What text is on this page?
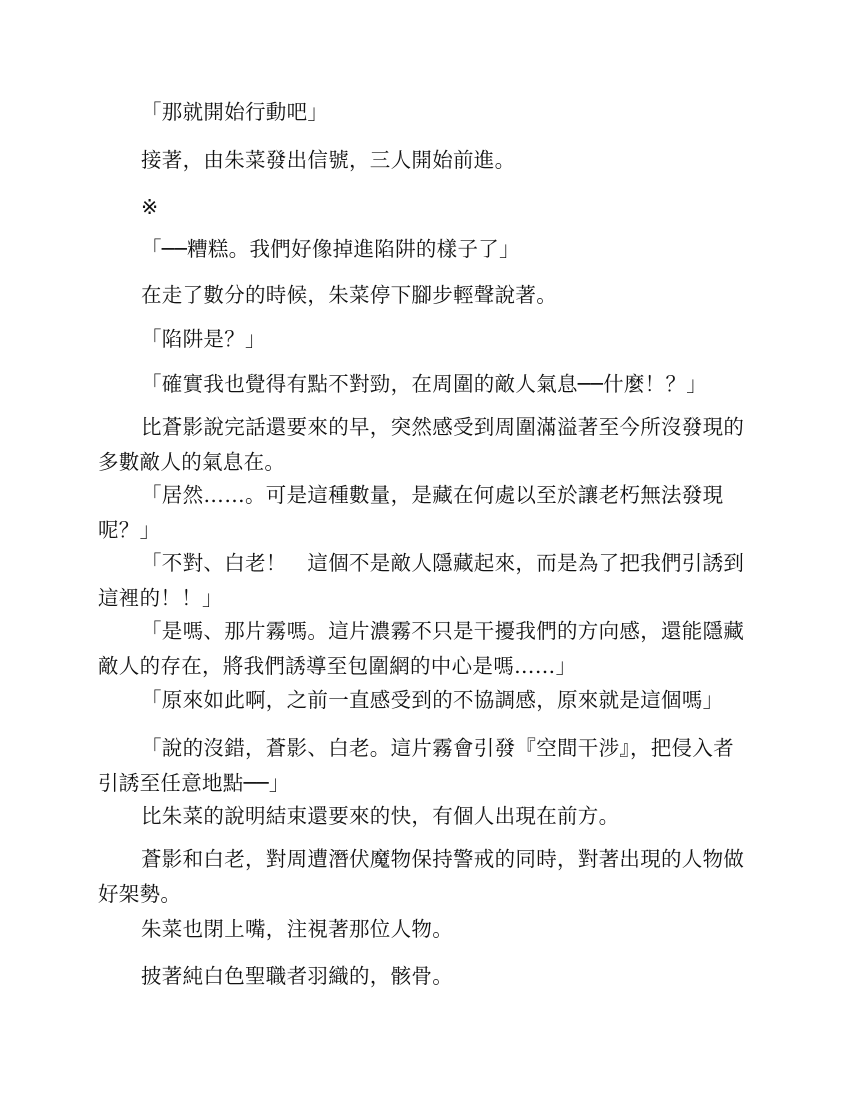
「那就開始行動吧」

接著，由朱菜發出信號，三人開始前進。

※

「──糟糕。我們好像掉進陷阱的樣子了」

在走了數分的時候，朱菜停下腳步輕聲說著。

「陷阱是？」

「確實我也覺得有點不對勁，在周圍的敵人氣息──什麼！？」

比蒼影說完話還要來的早，突然感受到周圍滿溢著至今所沒發現的
多數敵人的氣息在。

「居然……。可是這種數量，是藏在何處以至於讓老朽無法發現
呢？」

「不對、白老！　這個不是敵人隱藏起來，而是為了把我們引誘到
這裡的！！」

「是嗎、那片霧嗎。這片濃霧不只是干擾我們的方向感，還能隱藏
敵人的存在，將我們誘導至包圍網的中心是嗎……」

「原來如此啊，之前一直感受到的不協調感，原來就是這個嗎」

「說的沒錯，蒼影、白老。這片霧會引發『空間干涉』，把侵入者
引誘至任意地點──」

比朱菜的說明結束還要來的快，有個人出現在前方。

蒼影和白老，對周遭潛伏魔物保持警戒的同時，對著出現的人物做
好架勢。

朱菜也閉上嘴，注視著那位人物。

披著純白色聖職者羽織的，骸骨。
